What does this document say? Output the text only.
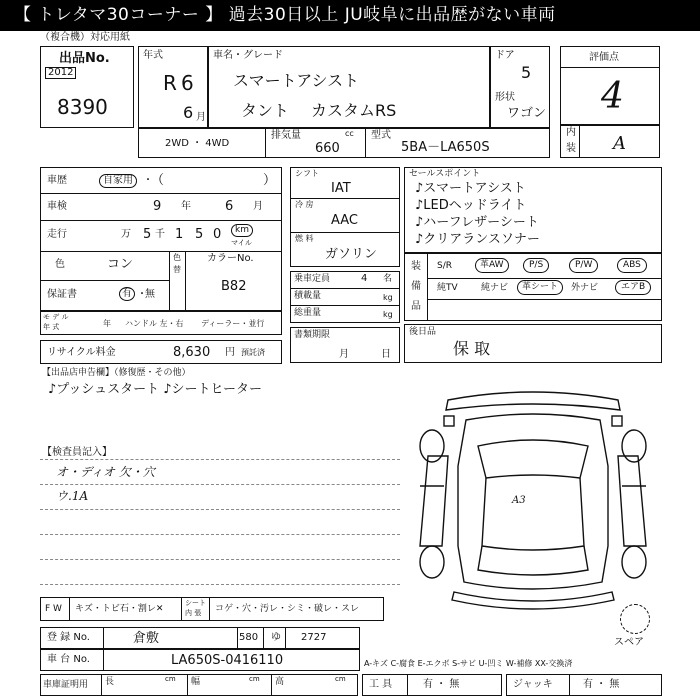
【 トレタマ30コーナー 】 過去30日以上 JU岐阜に出品歴がない車両
（複合機）対応用紙
出品No.
2012
8390
年式
R 6
6 月
車名・グレード
スマートアシスト
タント カスタムRS
ドア
5
形状
ワゴン
評価点
4
内
装 A
2WD ・ 4WD
排気量	cc
660
型式
5BA－LA650S
車歴	自家用	・
（	）
車検	9 年	6 月
走行	万 5 千 1 5 0	km
マイル
色	コン	色
替
カラーNo.
B82
保証書	有 ・
無
モ デ ル
年 式	年 ハンドル 左・右 ディーラー・並行
リサイクル料金	8,630 円 預託済
シフト
IAT
冷 房
AAC
燃 料
ガソリン
乗車定員	4 名
積載量	kg
総重量	kg
書類期限
月	日
セールスポイント
♪スマートアシスト
♪LEDヘッドライト
♪ハーフレザーシート
♪クリアランスソナー
装
備
品
S/R	革AW	P/S	P/W	ABS
純TV	純ナビ	革シート	外ナビ	エアB
後日品
保 取
【出品店申告欄】（修復歴・その他）
♪プッシュスタート ♪シートヒーター
【検査員記入】
オ・ディオ 欠・穴
ウ.1A	A3
スペア
F W キズ・トビ石・割レ✕
シート
内 張 コゲ・穴・汚レ・シミ・破レ・スレ
登 録 No.	倉敷	580 ゆ 2727
車 台 No.	LA650S-0416110	A-キズ C-腐食 E-エクボ S-サビ U-凹ミ W-補修 XX-交換済
車庫証明用 長	cm 幅	cm 高	cm 工 具	有 ・ 無	ジャッキ	有 ・ 無
